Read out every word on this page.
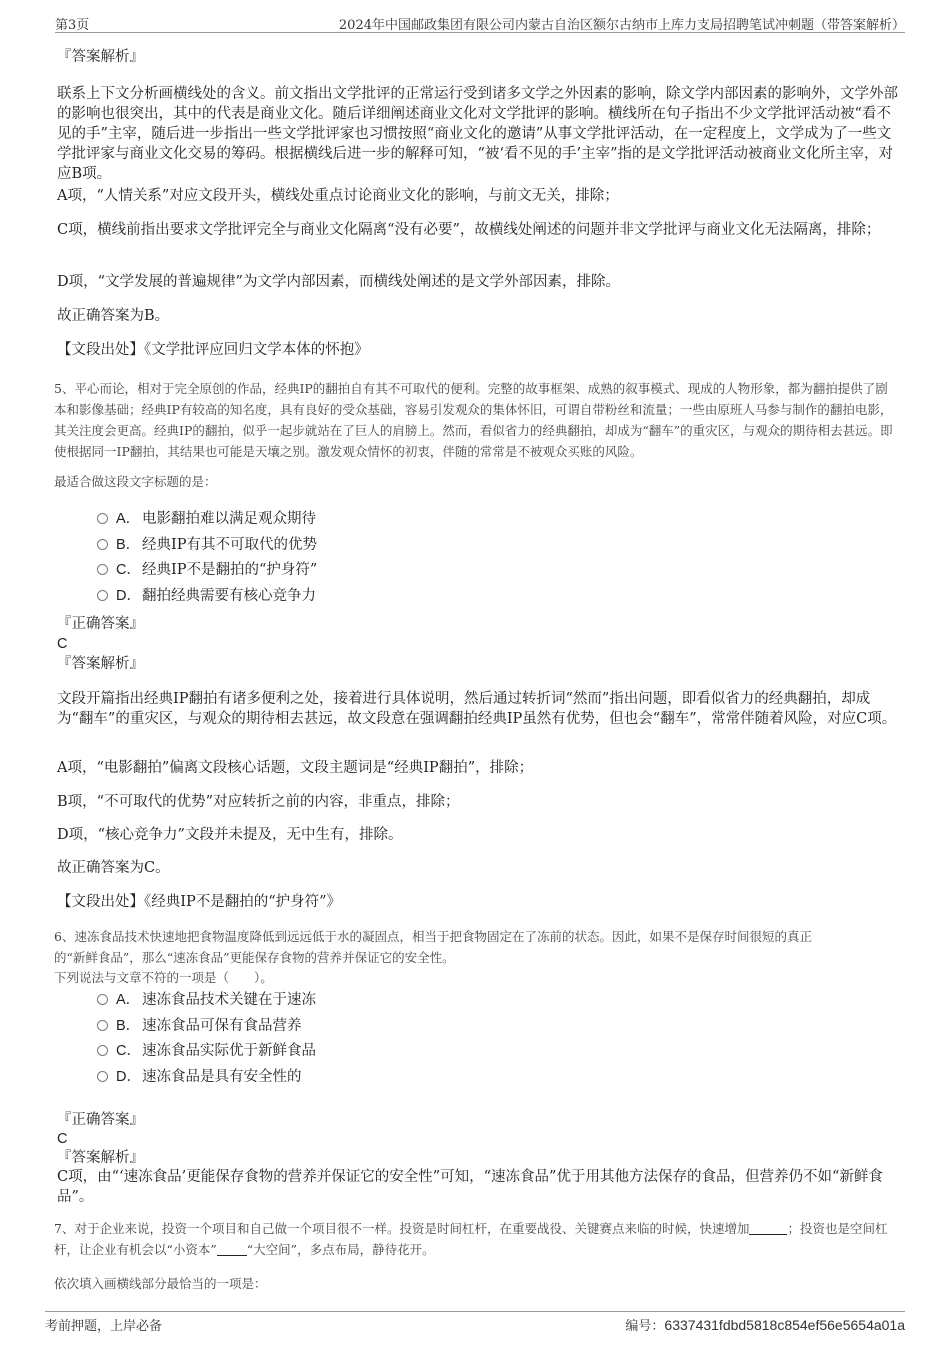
第3页	2024年中国邮政集团有限公司内蒙古自治区额尔古纳市上库力支局招聘笔试冲刺题（带答案解析）
『答案解析』
联系上下文分析画横线处的含义。前文指出文学批评的正常运行受到诸多文学之外因素的影响，除文学内部因素的影响外，文学外部的影响也很突出，其中的代表是商业文化。随后详细阐述商业文化对文学批评的影响。横线所在句子指出不少文学批评活动被“看不见的手”主宰，随后进一步指出一些文学批评家也习惯按照“商业文化的邀请”从事文学批评活动，在一定程度上，文学成为了一些文学批评家与商业文化交易的筹码。根据横线后进一步的解释可知，“被‘看不见的手’主宰”指的是文学批评活动被商业文化所主宰，对应B项。
A项，“人情关系”对应文段开头，横线处重点讨论商业文化的影响，与前文无关，排除；
C项，横线前指出要求文学批评完全与商业文化隔离“没有必要”，故横线处阐述的问题并非文学批评与商业文化无法隔离，排除；
D项，“文学发展的普遍规律”为文学内部因素，而横线处阐述的是文学外部因素，排除。
故正确答案为B。
【文段出处】《文学批评应回归文学本体的怀抱》
5、平心而论，相对于完全原创的作品，经典IP的翻拍自有其不可取代的便利。完整的故事框架、成熟的叙事模式、现成的人物形象，都为翻拍提供了剧本和影像基础；经典IP有较高的知名度，具有良好的受众基础，容易引发观众的集体怀旧，可谓自带粉丝和流量；一些由原班人马参与制作的翻拍电影，其关注度会更高。经典IP的翻拍，似乎一起步就站在了巨人的肩膀上。然而，看似省力的经典翻拍，却成为“翻车”的重灾区，与观众的期待相去甚远。即使根据同一IP翻拍，其结果也可能是天壤之别。激发观众情怀的初衷，伴随的常常是不被观众买账的风险。
最适合做这段文字标题的是：
A． 电影翻拍难以满足观众期待
B． 经典IP有其不可取代的优势
C．经典IP不是翻拍的“护身符”
D．翻拍经典需要有核心竞争力
『正确答案』
C
『答案解析』
文段开篇指出经典IP翻拍有诸多便利之处，接着进行具体说明，然后通过转折词“然而”指出问题，即看似省力的经典翻拍，却成为“翻车”的重灾区，与观众的期待相去甚远，故文段意在强调翻拍经典IP虽然有优势，但也会“翻车”，常常伴随着风险，对应C项。
A项，“电影翻拍”偏离文段核心话题，文段主题词是“经典IP翻拍”，排除；
B项，“不可取代的优势”对应转折之前的内容，非重点，排除；
D项，“核心竞争力”文段并未提及，无中生有，排除。
故正确答案为C。
【文段出处】《经典IP不是翻拍的“护身符”》
6、速冻食品技术快速地把食物温度降低到远远低于水的凝固点，相当于把食物固定在了冻前的状态。因此，如果不是保存时间很短的真正
的“新鲜食品”，那么“速冻食品”更能保存食物的营养并保证它的安全性。
下列说法与文章不符的一项是（　　）。
A． 速冻食品技术关键在于速冻
B． 速冻食品可保有食品营养
C．速冻食品实际优于新鲜食品
D．速冻食品是具有安全性的
『正确答案』
C
『答案解析』
C项，由“‘速冻食品’更能保存食物的营养并保证它的安全性”可知，“速冻食品”优于用其他方法保存的食品，但营养仍不如“新鲜食品”。
7、对于企业来说，投资一个项目和自己做一个项目很不一样。投资是时间杠杆，在重要战役、关键赛点来临的时候，快速增加	；投资也是空间杠杆，让企业有机会以“小资本” “大空间”，多点布局，静待花开。
依次填入画横线部分最恰当的一项是：
考前押题，上岸必备	编号：6337431fdbd5818c854ef56e5654a01a
